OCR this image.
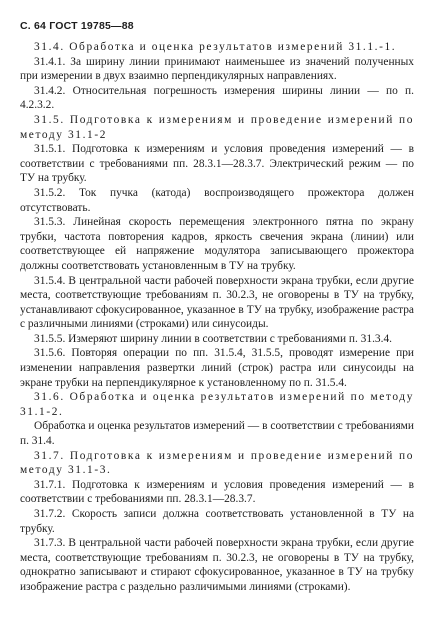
С. 64 ГОСТ 19785—88

31.4. Обработка и оценка результатов измерений 31.1.-1.

31.4.1. За ширину линии принимают наименьшее из значений полученных при измерении в двух взаимно перпендикулярных направлениях.

31.4.2. Относительная погрешность измерения ширины линии — по п. 4.2.3.2.

31.5. Подготовка к измерениям и проведение измерений по методу 31.1-2

31.5.1. Подготовка к измерениям и условия проведения измерений — в соответствии с требованиями пп. 28.3.1—28.3.7. Электрический режим — по ТУ на трубку.

31.5.2. Ток пучка (катода) воспроизводящего прожектора должен отсутствовать.

31.5.3. Линейная скорость перемещения электронного пятна по экрану трубки, частота повторения кадров, яркость свечения экрана (линии) или соответствующее ей напряжение модулятора записывающего прожектора должны соответствовать установленным в ТУ на трубку.

31.5.4. В центральной части рабочей поверхности экрана трубки, если другие места, соответствующие требованиям п. 30.2.3, не оговорены в ТУ на трубку, устанавливают сфокусированное, указанное в ТУ на трубку, изображение растра с различными линиями (строками) или синусоиды.

31.5.5. Измеряют ширину линии в соответствии с требованиями п. 31.3.4.

31.5.6. Повторяя операции по пп. 31.5.4, 31.5.5, проводят измерение при изменении направления развертки линий (строк) растра или синусоиды на экране трубки на перпендикулярное к установленному по п. 31.5.4.

31.6. Обработка и оценка результатов измерений по методу 31.1-2.

Обработка и оценка результатов измерений — в соответствии с требованиями п. 31.4.

31.7. Подготовка к измерениям и проведение измерений по методу 31.1-3.

31.7.1. Подготовка к измерениям и условия проведения измерений — в соответствии с требованиями пп. 28.3.1—28.3.7.

31.7.2. Скорость записи должна соответствовать установленной в ТУ на трубку.

31.7.3. В центральной части рабочей поверхности экрана трубки, если другие места, соответствующие требованиям п. 30.2.3, не оговорены в ТУ на трубку, однократно записывают и стирают сфокусированное, указанное в ТУ на трубку изображение растра с раздельно различимыми линиями (строками).
